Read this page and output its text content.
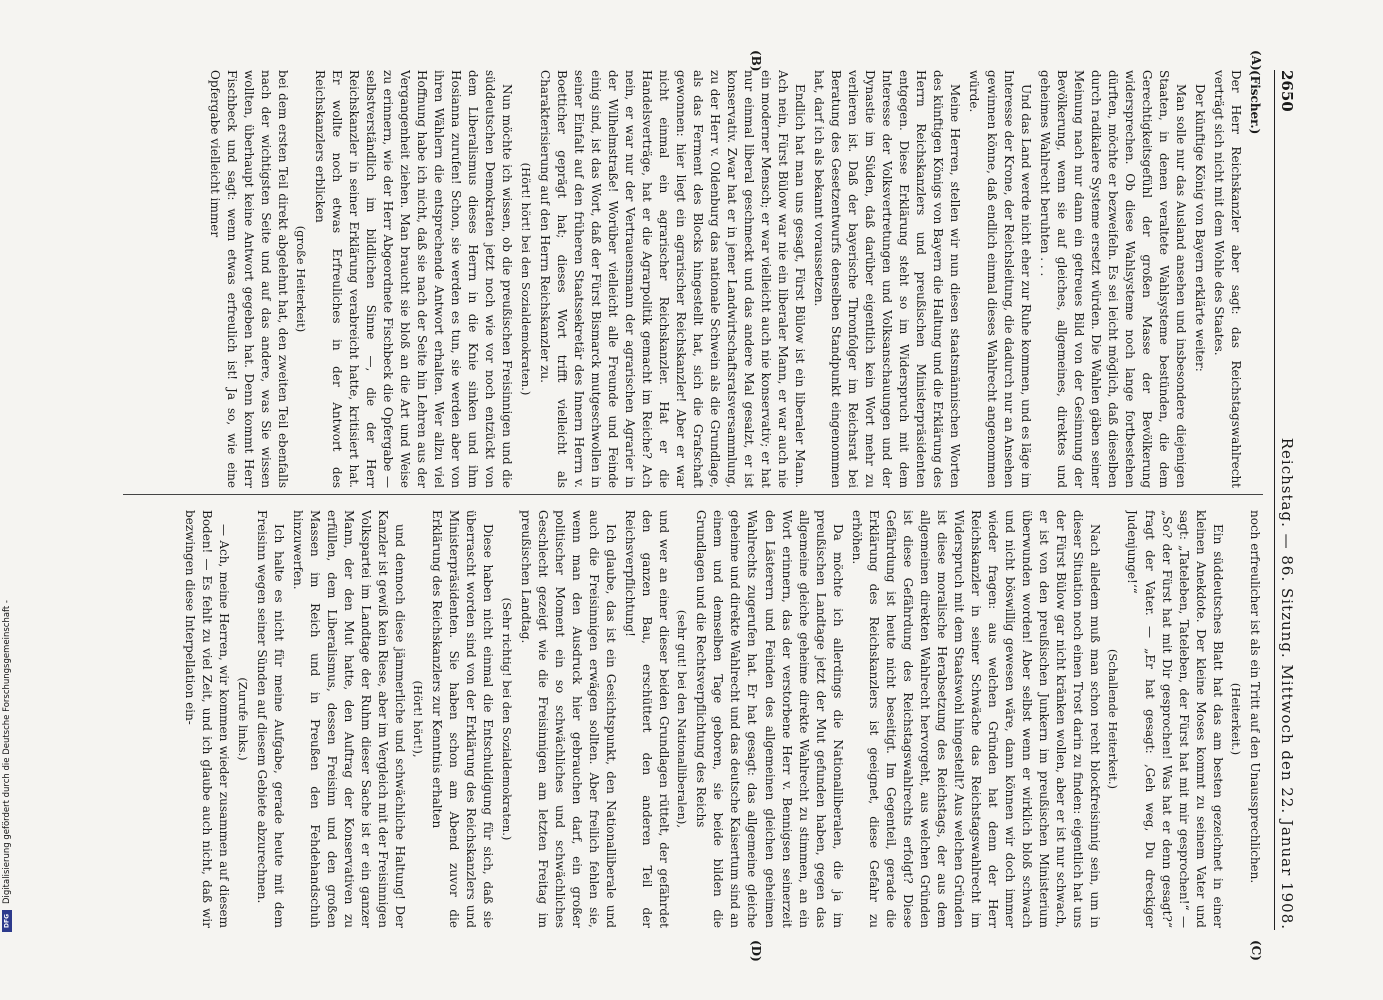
2650
Reichstag. — 86. Sitzung. Mittwoch den 22. Januar 1908.
(A)
(B)
(C)
(D)

(Fischer.)

Der Herr Reichskanzler aber sagt: das Reichstagswahlrecht verträgt sich nicht mit dem Wohle des Staates.

Der künftige König von Bayern erklärte weiter:

Man solle nur das Ausland ansehen und insbesondere diejenigen Staaten, in denen veraltete Wahlsysteme bestünden, die dem Gerechtigkeitsgefühl der großen Masse der Bevölkerung widersprechen. Ob diese Wahlsysteme noch lange fortbestehen dürften, möchte er bezweifeln. Es sei leicht möglich, daß dieselben durch radikalere Systeme ersetzt würden. Die Wahlen gäben seiner Meinung nach nur dann ein getreues Bild von der Gesinnung der Bevölkerung, wenn sie auf gleiches, allgemeines, direktes und geheimes Wahlrecht beruhten . . .

Und das Land werde nicht eher zur Ruhe kommen, und es läge im Interesse der Krone, der Reichsleitung, die dadurch nur an Ansehen gewinnen könne, daß endlich einmal dieses Wahlrecht angenommen würde.

Meine Herren, stellen wir nun diesen staatsmännischen Worten des künftigen Königs von Bayern die Haltung und die Erklärung des Herrn Reichskanzlers und preußischen Ministerpräsidenten entgegen. Diese Erklärung steht so im Widerspruch mit dem Interesse der Volksvertretungen und Volksanschauungen und der Dynastie im Süden, daß darüber eigentlich kein Wort mehr zu verlieren ist. Daß der bayerische Thronfolger im Reichsrat bei Beratung des Gesetzentwurfs denselben Standpunkt eingenommen hat, darf ich als bekannt voraussetzen.

Endlich hat man uns gesagt, Fürst Bülow ist ein liberaler Mann. Ach nein, Fürst Bülow war nie ein liberaler Mann, er war auch nie ein moderner Mensch; er war vielleicht auch nie konservativ; er hat nur einmal liberal geschmeckt und das andere Mal gesalzt, er ist konservativ. Zwar hat er in jener Landwirtschaftsratsversammlung, zu der Herr v. Oldenburg das nationale Schwein als die Grundlage, als das Ferment des Blocks hingestellt hat, sich die Grafschaft gewonnen: hier liegt ein agrarischer Reichskanzler! Aber er war nicht einmal ein agrarischer Reichskanzler. Hat er die Handelsverträge, hat er die Agrarpolitik gemacht im Reiche? Ach nein, er war nur der Vertrauensmann der agrarischen Agrarier in der Wilhelmstraße! Worüber vielleicht alle Freunde und Feinde einig sind, ist das Wort, daß der Fürst Bismarck mutgeschwollen in seiner Einfalt auf den früheren Staatssekretär des Innern Herrn v. Boetticher geprägt hat; dieses Wort trifft vielleicht als Charakterisierung auf den Herrn Reichskanzler zu.

(Hört! hört! bei den Sozialdemokraten.)

Nun möchte ich wissen, ob die preußischen Freisinnigen und die süddeutschen Demokraten jetzt noch wie vor noch entzückt von dem Liberalismus dieses Herrn in die Knie sinken und ihm Hosianna zurufen! Schon, sie werden es tun, sie werden aber von ihren Wählern die entsprechende Antwort erhalten. Wer allzu viel Hoffnung habe ich nicht, daß sie nach der Seite hin Lehren aus der Vergangenheit ziehen. Man braucht sie bloß an die Art und Weise zu erinnern, wie der Herr Abgeordnete Fischbeck die Opfergabe — selbstverständlich im bildlichen Sinne —, die der Herr Reichskanzler in seiner Erklärung verabreicht hatte, kritisiert hat. Er wollte noch etwas Erfreuliches in der Antwort des Reichskanzlers erblicken

(große Heiterkeit)

bei dem ersten Teil direkt abgelehnt hat, den zweiten Teil ebenfalls nach der wichtigsten Seite und auf das andere, was Sie wissen wollten, überhaupt keine Antwort gegeben hat. Denn kommt Herr Fischbeck und sagt: wenn etwas erfreulich ist! Ja so, wie eine Opfergabe vielleicht immer

noch erfreulicher ist als ein Tritt auf den Unaussprechlichen.

(Heiterkeit.)

Ein süddeutsches Blatt hat das am besten gezeichnet in einer kleinen Anekdote. Der kleine Moses kommt zu seinem Vater und sagt: „Tateleben, Tateleben, der Fürst hat mit mir gesprochen!“ — „So? der Fürst hat mit Dir gesprochen! Was hat er denn gesagt?“ fragt der Vater. — „Er hat gesagt: ‚Geh weg, Du dreckiger Judenjunge!‘“

(Schallende Heiterkeit.)

Nach alledem muß man schon recht blockfreisinnig sein, um in dieser Situation noch einen Trost darin zu finden: eigentlich hat uns der Fürst Bülow gar nicht kränken wollen, aber er ist nur schwach, er ist von den preußischen Junkern im preußischen Ministerium überwunden worden! Aber selbst wenn er wirklich bloß schwach und nicht böswillig gewesen wäre, dann können wir doch immer wieder fragen: aus welchen Gründen hat denn der Herr Reichskanzler in seiner Schwäche das Reichstagswahlrecht im Widerspruch mit dem Staatswohl hingestellt? Aus welchen Gründen ist diese moralische Herabsetzung des Reichstags, der aus dem allgemeinen direkten Wahlrecht hervorgeht, aus welchen Gründen ist diese Gefährdung des Reichstagswahlrechts erfolgt? Diese Gefährdung ist heute nicht beseitigt. Im Gegenteil, gerade die Erklärung des Reichskanzlers ist geeignet, diese Gefahr zu erhöhen.

Da möchte ich allerdings die Nationalliberalen, die ja im preußischen Landtage jetzt der Mut gefunden haben, gegen das allgemeine gleiche geheime direkte Wahlrecht zu stimmen, an ein Wort erinnern, das der verstorbene Herr v. Bennigsen seinerzeit den Lästerern und Feinden des allgemeinen gleichen geheimen Wahlrechts zugerufen hat. Er hat gesagt: das allgemeine gleiche geheime und direkte Wahlrecht und das deutsche Kaisertum sind an einem und demselben Tage geboren, sie beide bilden die Grundlagen und die Rechtsverpflichtung des Reichs

(sehr gut! bei den Nationalliberalen),

und wer an einer dieser beiden Grundlagen rüttelt, der gefährdet den ganzen Bau, erschüttert den anderen Teil der Reichsverpflichtung!

Ich glaube, das ist ein Gesichtspunkt, den Nationalliberale und auch die Freisinnigen erwägen sollten. Aber freilich fehlen sie, wenn man den Ausdruck hier gebrauchen darf, ein großer politischer Moment ein so schwächliches und schwächliches Geschlecht gezeigt wie die Freisinnigen am letzten Freitag im preußischen Landtag.

(Sehr richtig! bei den Sozialdemokraten.)

Diese haben nicht einmal die Entschuldigung für sich, daß sie überrascht worden sind von der Erklärung des Reichskanzlers und Ministerpräsidenten. Sie haben schon am Abend zuvor die Erklärung des Reichskanzlers zur Kenntnis erhalten

(Hört! hört!),

und dennoch diese jämmerliche und schwächliche Haltung! Der Kanzler ist gewiß kein Riese, aber im Vergleich mit der Freisinnigen Volkspartei im Landtage der Ruhm dieser Sache ist er ein ganzer Mann, der den Mut hatte, den Auftrag der Konservativen zu erfüllen, dem Liberalismus, dessen Freisinn und den großen Massen im Reich und in Preußen den Fehdehandschuh hinzuwerfen.

Ich halte es nicht für meine Aufgabe, gerade heute mit dem Freisinn wegen seiner Sünden auf diesem Gebiete abzurechnen.

(Zurufe links.)

— Ach, meine Herren, wir kommen wieder zusammen auf diesem Boden! — Es fehlt zu viel Zeit, und ich glaube auch nicht, daß wir bezwingen diese Interpellation ein-

Digitalisierung gefördert durch die Deutsche Forschungsgemeinschaft -
DFG
